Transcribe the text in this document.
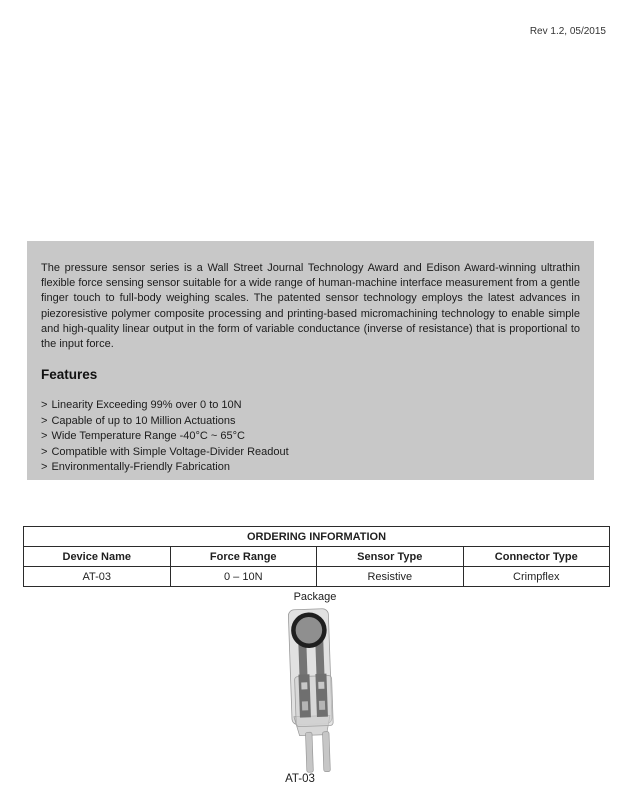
Rev 1.2, 05/2015
The pressure sensor series is a Wall Street Journal Technology Award and Edison Award-winning ultrathin flexible force sensing sensor suitable for a wide range of human-machine interface measurement from a gentle finger touch to full-body weighing scales. The patented sensor technology employs the latest advances in piezoresistive polymer composite processing and printing-based micromachining technology to enable simple and high-quality linear output in the form of variable conductance (inverse of resistance) that is proportional to the input force.
Features
> Linearity Exceeding 99% over 0 to 10N
> Capable of up to 10 Million Actuations
> Wide Temperature Range -40°C ~ 65°C
> Compatible with Simple Voltage-Divider Readout
> Environmentally-Friendly Fabrication
ORDERING INFORMATION			
Device Name	Force Range	Sensor Type	Connector Type
AT-03	0 – 10N	Resistive	Crimpflex
Package
AT-03
